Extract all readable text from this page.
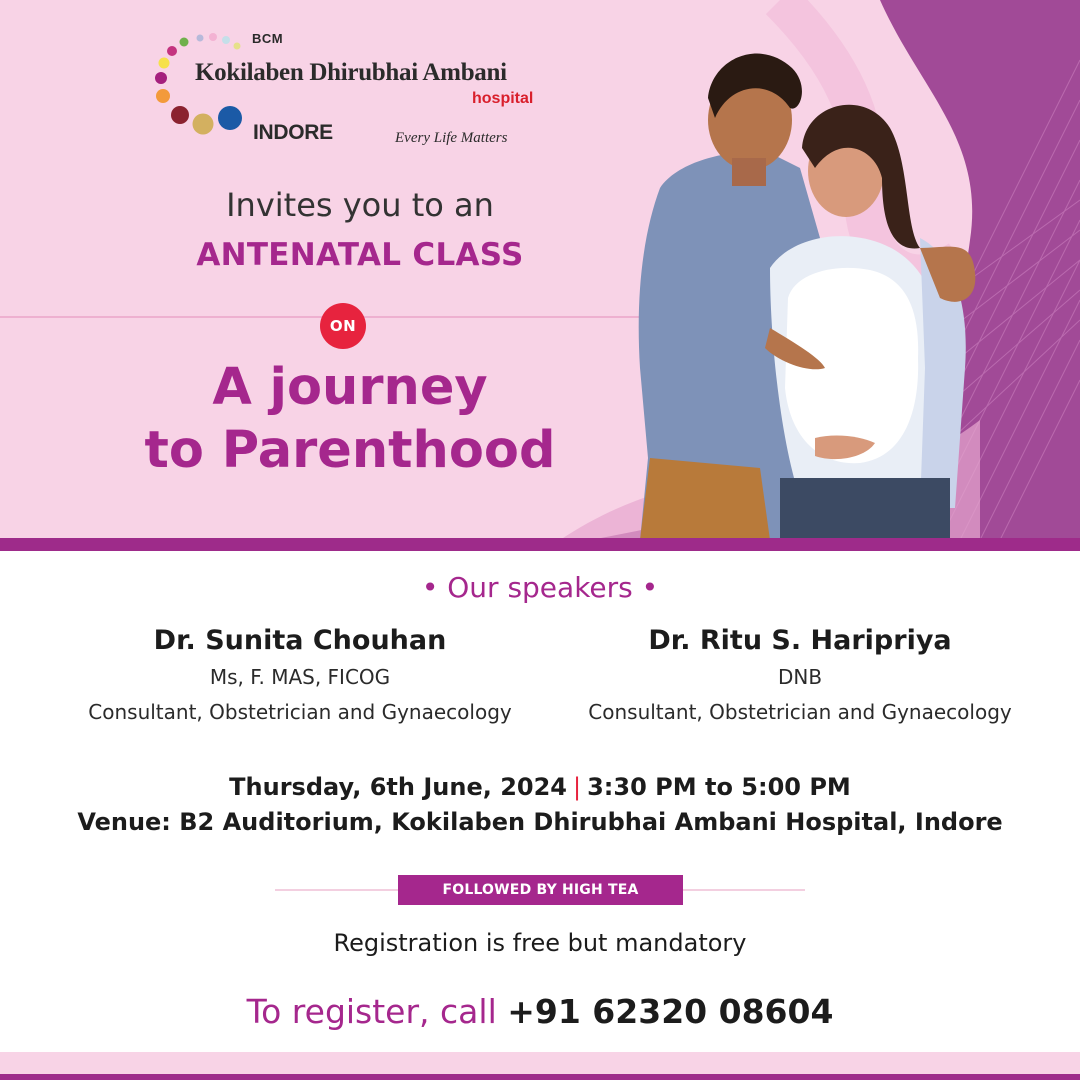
BCM
Kokilaben Dhirubhai Ambani
hospital
INDORE	Every Life Matters
Invites you to an
ANTENATAL CLASS
ON
A journey
to Parenthood
• Our speakers •
Dr. Sunita Chouhan
Ms, F. MAS, FICOG
Consultant, Obstetrician and Gynaecology
Dr. Ritu S. Haripriya
DNB
Consultant, Obstetrician and Gynaecology
Thursday, 6th June, 2024 | 3:30 PM to 5:00 PM
Venue: B2 Auditorium, Kokilaben Dhirubhai Ambani Hospital, Indore
FOLLOWED BY HIGH TEA
Registration is free but mandatory
To register, call +91 62320 08604
